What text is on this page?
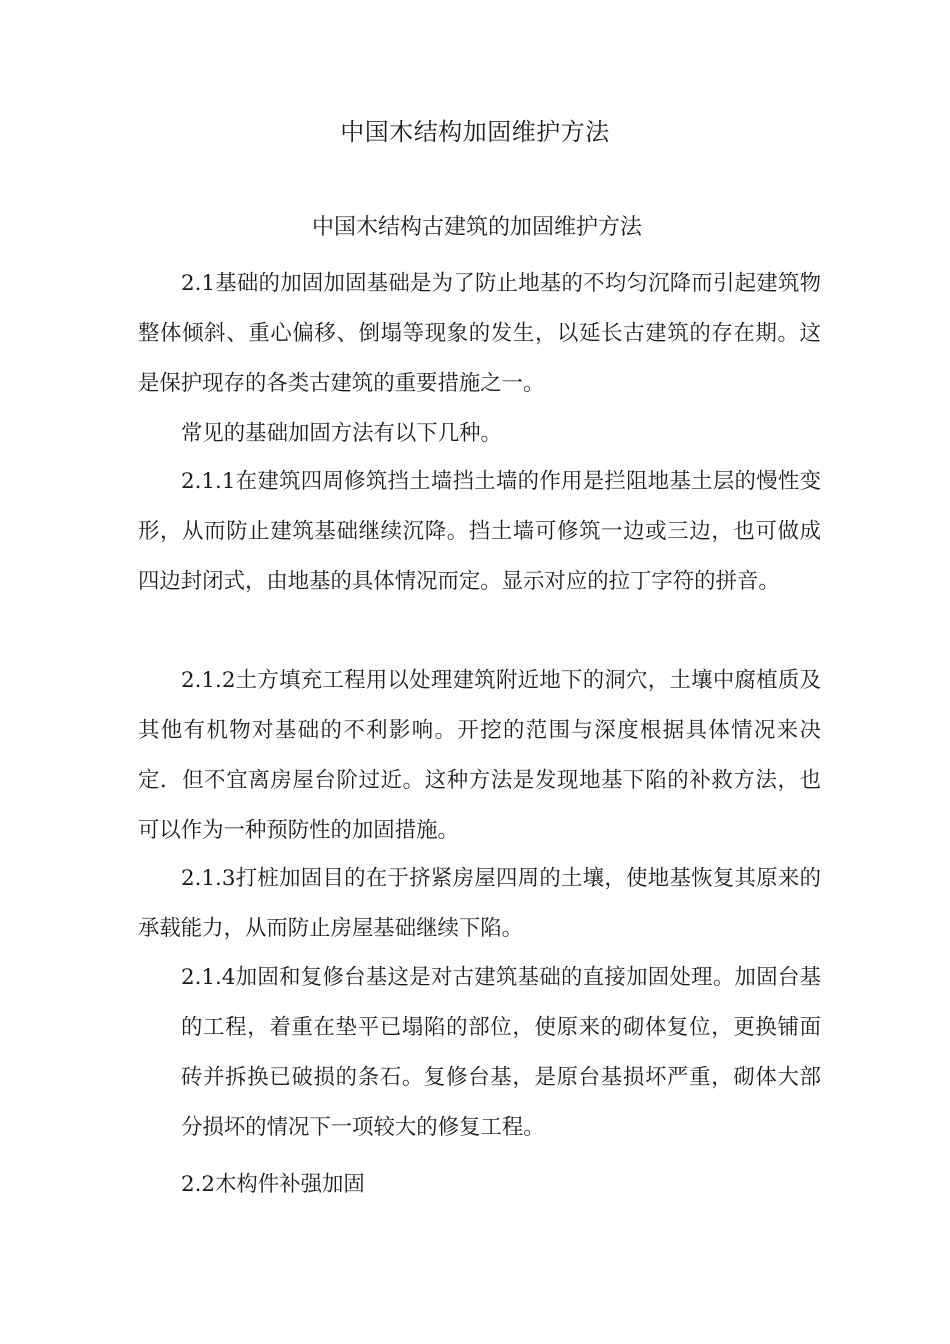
中国木结构加固维护方法
中国木结构古建筑的加固维护方法

2.1基础的加固加固基础是为了防止地基的不均匀沉降而引起建筑物整体倾斜、重心偏移、倒塌等现象的发生，以延长古建筑的存在期。这是保护现存的各类古建筑的重要措施之一。

常见的基础加固方法有以下几种。

2.1.1在建筑四周修筑挡土墙挡土墙的作用是拦阻地基土层的慢性变形，从而防止建筑基础继续沉降。挡土墙可修筑一边或三边，也可做成四边封闭式，由地基的具体情况而定。显示对应的拉丁字符的拼音。

2.1.2土方填充工程用以处理建筑附近地下的洞穴，土壤中腐植质及其他有机物对基础的不利影响。开挖的范围与深度根据具体情况来决定．但不宜离房屋台阶过近。这种方法是发现地基下陷的补救方法，也可以作为一种预防性的加固措施。

2.1.3打桩加固目的在于挤紧房屋四周的土壤，使地基恢复其原来的承载能力，从而防止房屋基础继续下陷。

2.1.4加固和复修台基这是对古建筑基础的直接加固处理。加固台基的工程，着重在垫平已塌陷的部位，使原来的砌体复位，更换铺面砖并拆换已破损的条石。复修台基，是原台基损坏严重，砌体大部分损坏的情况下一项较大的修复工程。

2.2木构件补强加固
